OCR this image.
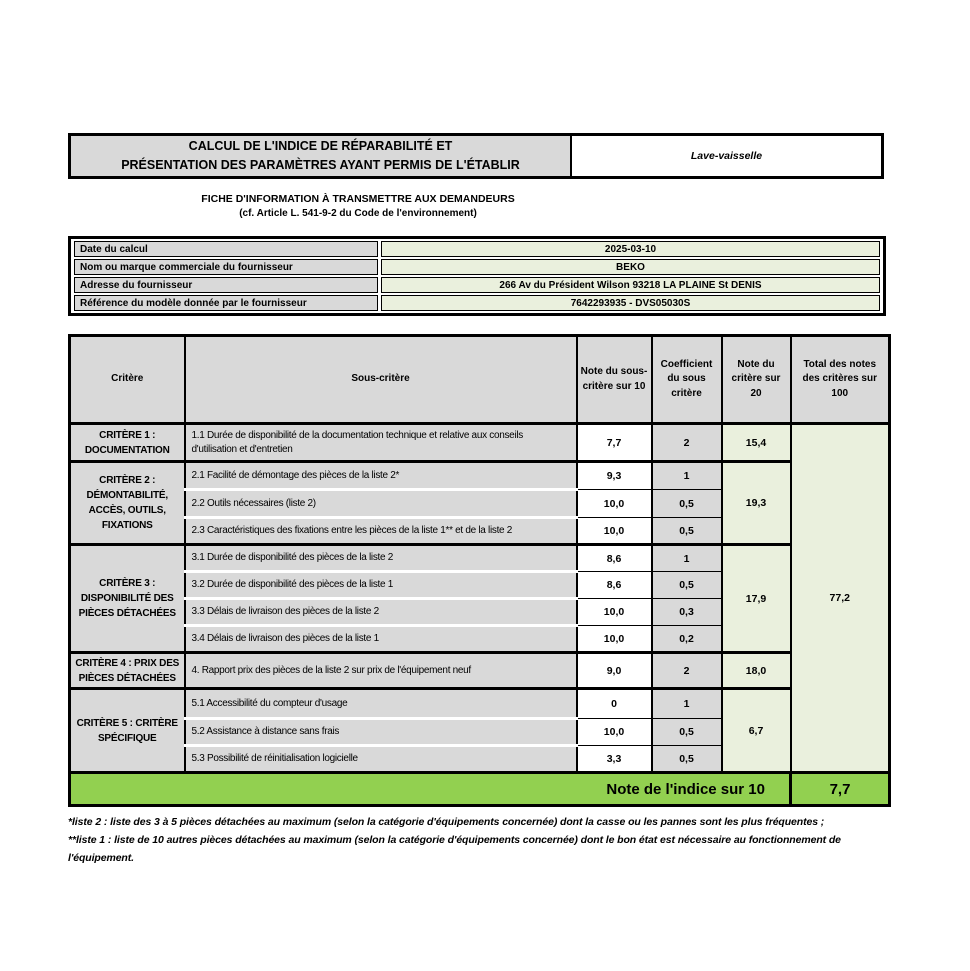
CALCUL DE L'INDICE DE RÉPARABILITÉ ET
PRÉSENTATION DES PARAMÈTRES AYANT PERMIS DE L'ÉTABLIR
Lave-vaisselle
FICHE D'INFORMATION À TRANSMETTRE AUX DEMANDEURS
(cf. Article L. 541-9-2 du Code de l'environnement)
Date du calcul	2025-03-10
Nom ou marque commerciale du fournisseur	BEKO
Adresse du fournisseur	266 Av du Président Wilson 93218 LA PLAINE St DENIS
Référence du modèle donnée par le fournisseur	7642293935 - DVS05030S
Critère	Sous-critère	Note du sous-critère sur 10	Coefficient du sous critère	Note du critère sur 20	Total des notes des critères sur 100
CRITÈRE 1 : DOCUMENTATION	1.1 Durée de disponibilité de la documentation technique et relative aux conseils d'utilisation et d'entretien	7,7	2	15,4	77,2
CRITÈRE 2 : DÉMONTABILITÉ, ACCÈS, OUTILS, FIXATIONS	2.1 Facilité de démontage des pièces de la liste 2*	9,3	1	19,3	
	2.2 Outils nécessaires (liste 2)	10,0	0,5		
	2.3 Caractéristiques des fixations entre les pièces de la liste 1** et de la liste 2	10,0	0,5		
CRITÈRE 3 : DISPONIBILITÉ DES PIÈCES DÉTACHÉES	3.1 Durée de disponibilité des pièces de la liste 2	8,6	1	17,9	
	3.2 Durée de disponibilité des pièces de la liste 1	8,6	0,5		
	3.3 Délais de livraison des pièces de la liste 2	10,0	0,3		
	3.4 Délais de livraison des pièces de la liste 1	10,0	0,2		
CRITÈRE 4 : PRIX DES PIÈCES DÉTACHÉES	4. Rapport prix des pièces de la liste 2 sur prix de l'équipement neuf	9,0	2	18,0	
CRITÈRE 5 : CRITÈRE SPÉCIFIQUE	5.1 Accessibilité du compteur d'usage	0	1	6,7	
	5.2 Assistance à distance sans frais	10,0	0,5		
	5.3 Possibilité de réinitialisation logicielle	3,3	0,5		
Note de l'indice sur 10					7,7
*liste 2 : liste des 3 à 5 pièces détachées au maximum (selon la catégorie d'équipements concernée) dont la casse ou les pannes sont les plus fréquentes ;
**liste 1 : liste de 10 autres pièces détachées au maximum (selon la catégorie d'équipements concernée) dont le bon état est nécessaire au fonctionnement de l'équipement.
